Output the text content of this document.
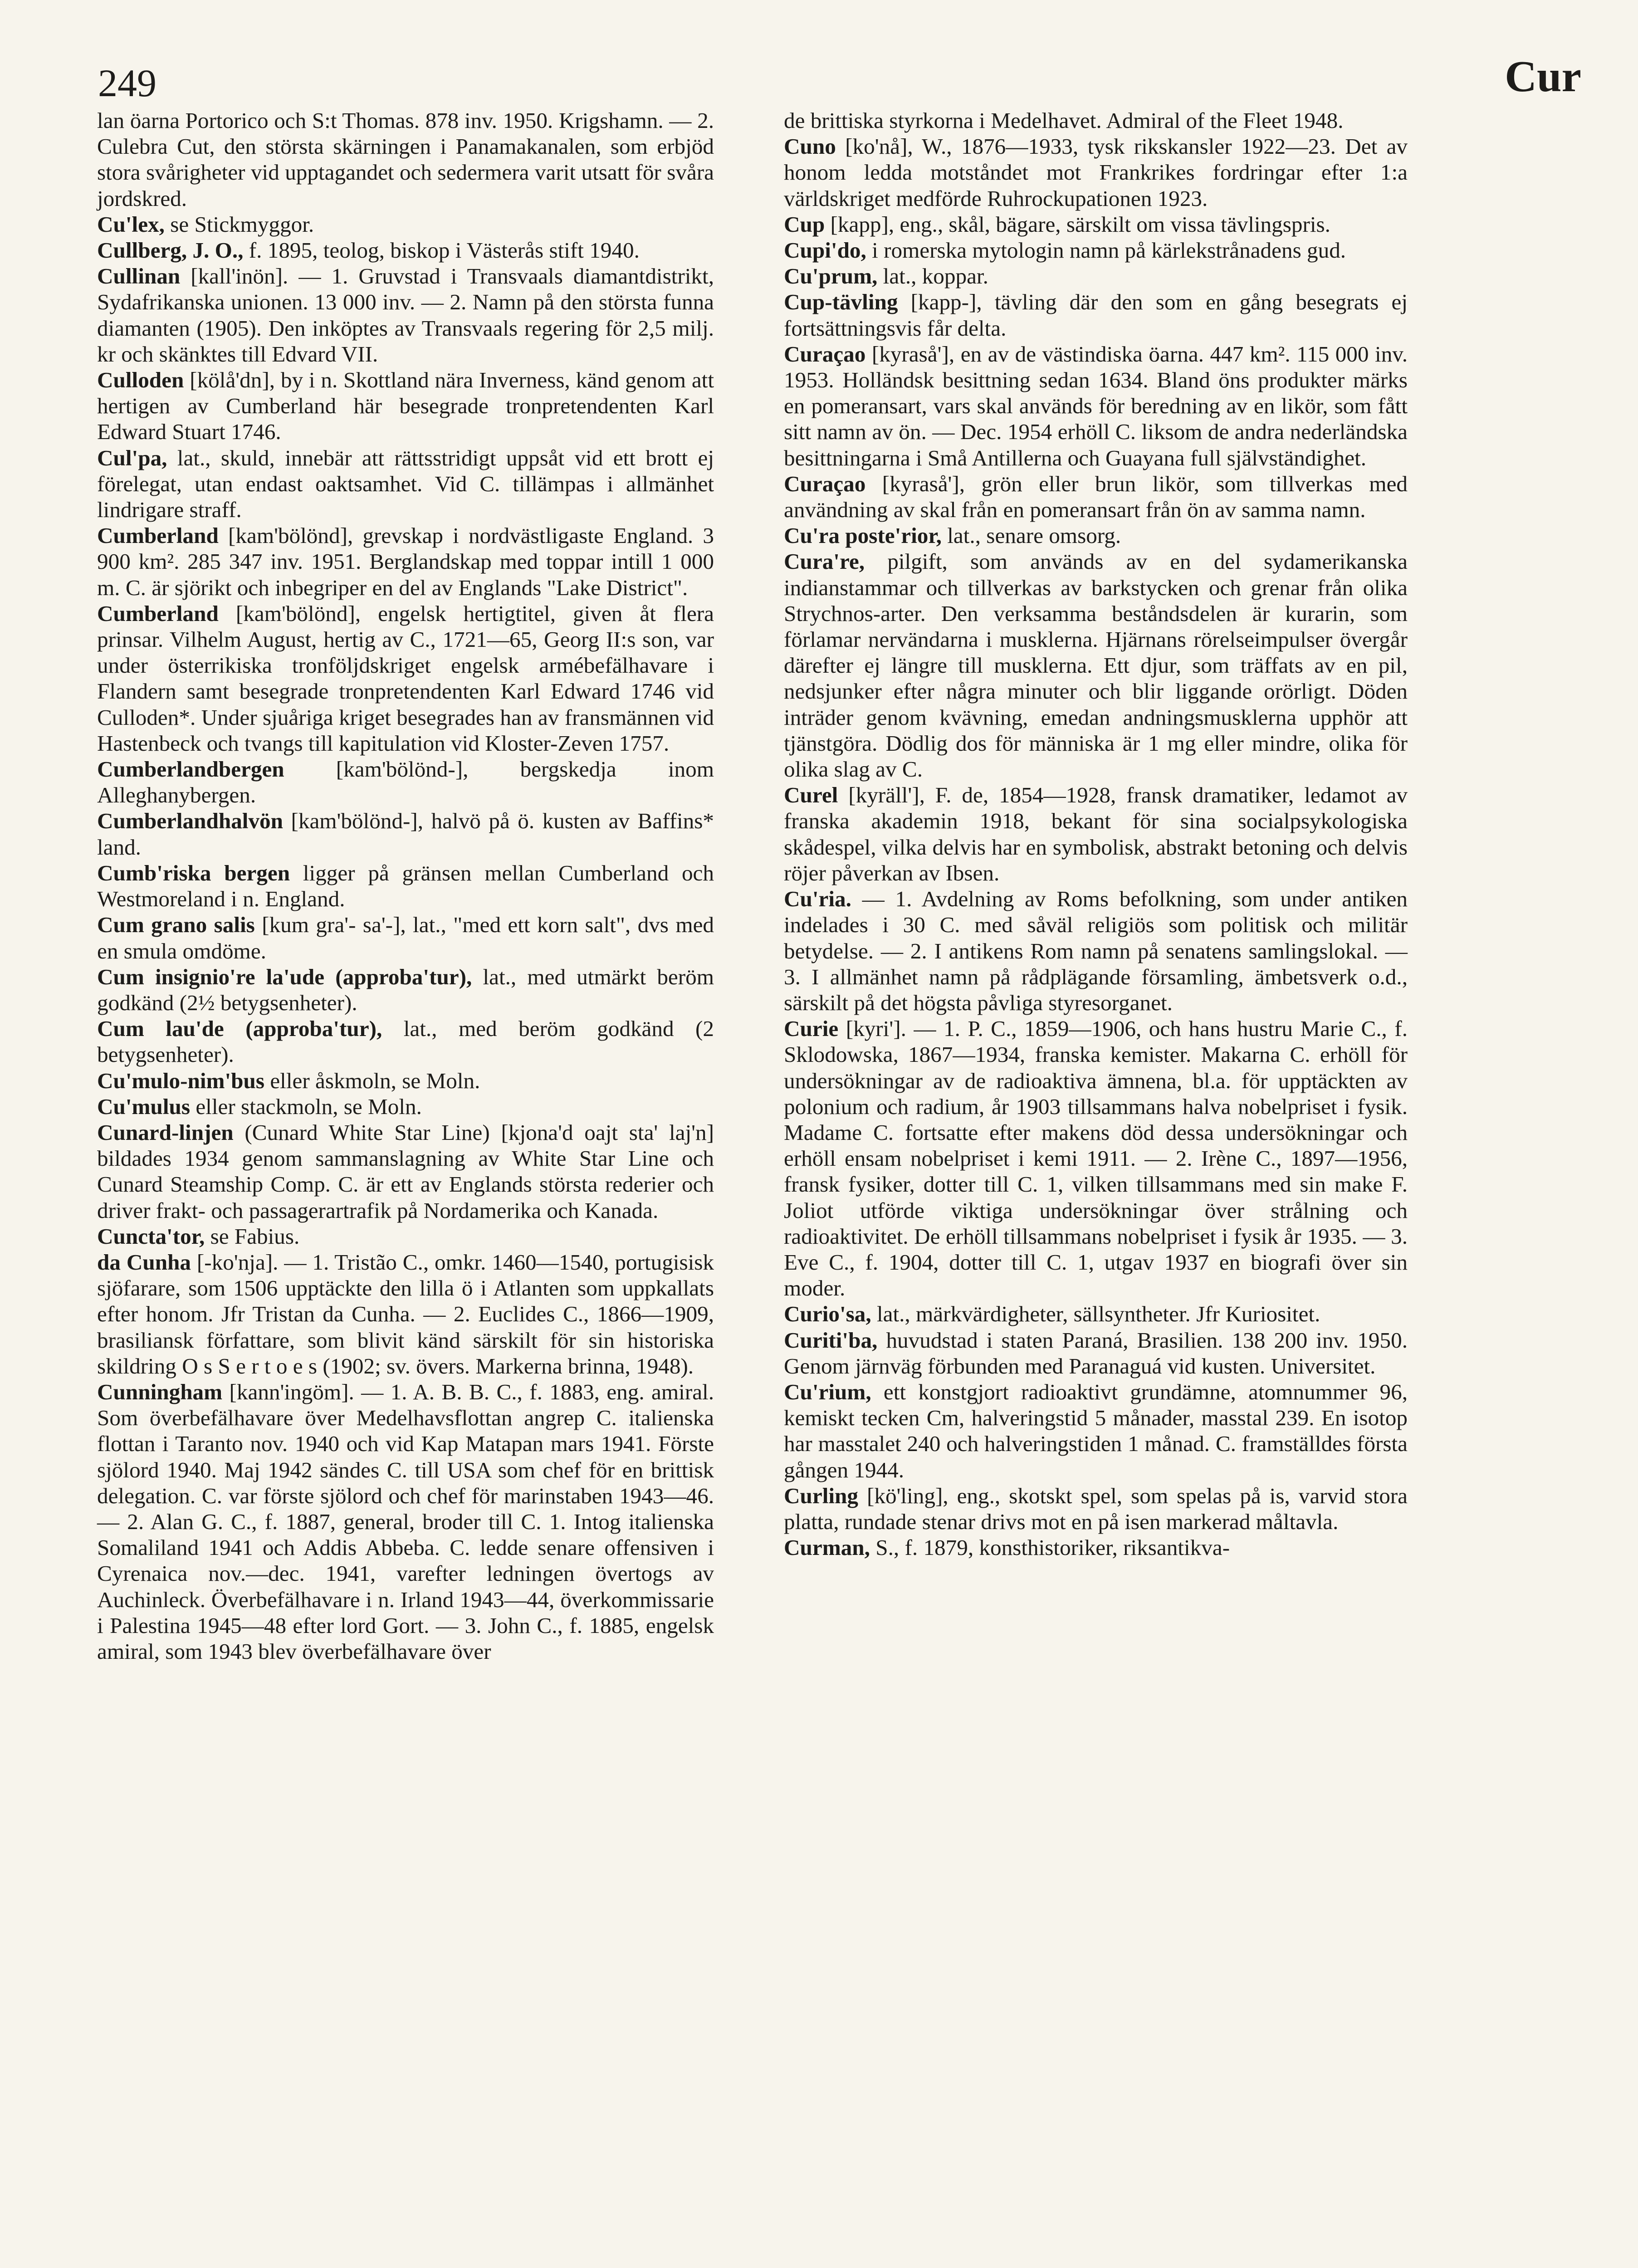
249	Cur

lan öarna Portorico och S:t Thomas. 878 inv. 1950. Krigshamn. — 2. Culebra Cut, den största skärningen i Panamakanalen, som erbjöd stora svårigheter vid upptagandet och sedermera varit utsatt för svåra jordskred.

Cu'lex, se Stickmyggor.

Cullberg, J. O., f. 1895, teolog, biskop i Västerås stift 1940.

Cullinan [kall'inön]. — 1. Gruvstad i Transvaals diamantdistrikt, Sydafrikanska unionen. 13 000 inv. — 2. Namn på den största funna diamanten (1905). Den inköptes av Transvaals regering för 2,5 milj. kr och skänktes till Edvard VII.

Culloden [kölå'dn], by i n. Skottland nära Inverness, känd genom att hertigen av Cumberland här besegrade tronpretendenten Karl Edward Stuart 1746.

Cul'pa, lat., skuld, innebär att rättsstridigt uppsåt vid ett brott ej förelegat, utan endast oaktsamhet. Vid C. tillämpas i allmänhet lindrigare straff.

Cumberland [kam'bölönd], grevskap i nordvästligaste England. 3 900 km². 285 347 inv. 1951. Berglandskap med toppar intill 1 000 m. C. är sjörikt och inbegriper en del av Englands "Lake District".

Cumberland [kam'bölönd], engelsk hertigtitel, given åt flera prinsar. Vilhelm August, hertig av C., 1721—65, Georg II:s son, var under österrikiska tronföljdskriget engelsk armébefälhavare i Flandern samt besegrade tronpretendenten Karl Edward 1746 vid Culloden*. Under sjuåriga kriget besegrades han av fransmännen vid Hastenbeck och tvangs till kapitulation vid Kloster-Zeven 1757.

Cumberlandbergen [kam'bölönd-], bergskedja inom Alleghanybergen.

Cumberlandhalvön [kam'bölönd-], halvö på ö. kusten av Baffins* land.

Cumb'riska bergen ligger på gränsen mellan Cumberland och Westmoreland i n. England.

Cum grano salis [kum gra'- sa'-], lat., "med ett korn salt", dvs med en smula omdöme.

Cum insignio're la'ude (approba'tur), lat., med utmärkt beröm godkänd (2½ betygsenheter).

Cum lau'de (approba'tur), lat., med beröm godkänd (2 betygsenheter).

Cu'mulo-nim'bus eller åskmoln, se Moln.

Cu'mulus eller stackmoln, se Moln.

Cunard-linjen (Cunard White Star Line) [kjona'd oajt sta' laj'n] bildades 1934 genom sammanslagning av White Star Line och Cunard Steamship Comp. C. är ett av Englands största rederier och driver frakt- och passagerartrafik på Nordamerika och Kanada.

Cuncta'tor, se Fabius.

da Cunha [-ko'nja]. — 1. Tristão C., omkr. 1460—1540, portugisisk sjöfarare, som 1506 upptäckte den lilla ö i Atlanten som uppkallats efter honom. Jfr Tristan da Cunha. — 2. Euclides C., 1866—1909, brasiliansk författare, som blivit känd särskilt för sin historiska skildring O s S e r t o e s (1902; sv. övers. Markerna brinna, 1948).

Cunningham [kann'ingöm]. — 1. A. B. B. C., f. 1883, eng. amiral. Som överbefälhavare över Medelhavsflottan angrep C. italienska flottan i Taranto nov. 1940 och vid Kap Matapan mars 1941. Förste sjölord 1940. Maj 1942 sändes C. till USA som chef för en brittisk delegation. C. var förste sjölord och chef för marinstaben 1943—46. — 2. Alan G. C., f. 1887, general, broder till C. 1. Intog italienska Somaliland 1941 och Addis Abbeba. C. ledde senare offensiven i Cyrenaica nov.—dec. 1941, varefter ledningen övertogs av Auchinleck. Överbefälhavare i n. Irland 1943—44, överkommissarie i Palestina 1945—48 efter lord Gort. — 3. John C., f. 1885, engelsk amiral, som 1943 blev överbefälhavare över

de brittiska styrkorna i Medelhavet. Admiral of the Fleet 1948.

Cuno [ko'nå], W., 1876—1933, tysk rikskansler 1922—23. Det av honom ledda motståndet mot Frankrikes fordringar efter 1:a världskriget medförde Ruhrockupationen 1923.

Cup [kapp], eng., skål, bägare, särskilt om vissa tävlingspris.

Cupi'do, i romerska mytologin namn på kärlekstrånadens gud.

Cu'prum, lat., koppar.

Cup-tävling [kapp-], tävling där den som en gång besegrats ej fortsättningsvis får delta.

Curaçao [kyraså'], en av de västindiska öarna. 447 km². 115 000 inv. 1953. Holländsk besittning sedan 1634. Bland öns produkter märks en pomeransart, vars skal används för beredning av en likör, som fått sitt namn av ön. — Dec. 1954 erhöll C. liksom de andra nederländska besittningarna i Små Antillerna och Guayana full självständighet.

Curaçao [kyraså'], grön eller brun likör, som tillverkas med användning av skal från en pomeransart från ön av samma namn.

Cu'ra poste'rior, lat., senare omsorg.

Cura're, pilgift, som används av en del sydamerikanska indianstammar och tillverkas av barkstycken och grenar från olika Strychnos-arter. Den verksamma beståndsdelen är kurarin, som förlamar nervändarna i musklerna. Hjärnans rörelseimpulser övergår därefter ej längre till musklerna. Ett djur, som träffats av en pil, nedsjunker efter några minuter och blir liggande orörligt. Döden inträder genom kvävning, emedan andningsmusklerna upphör att tjänstgöra. Dödlig dos för människa är 1 mg eller mindre, olika för olika slag av C.

Curel [kyräll'], F. de, 1854—1928, fransk dramatiker, ledamot av franska akademin 1918, bekant för sina socialpsykologiska skådespel, vilka delvis har en symbolisk, abstrakt betoning och delvis röjer påverkan av Ibsen.

Cu'ria. — 1. Avdelning av Roms befolkning, som under antiken indelades i 30 C. med såväl religiös som politisk och militär betydelse. — 2. I antikens Rom namn på senatens samlingslokal. — 3. I allmänhet namn på rådplägande församling, ämbetsverk o.d., särskilt på det högsta påvliga styresorganet.

Curie [kyri']. — 1. P. C., 1859—1906, och hans hustru Marie C., f. Sklodowska, 1867—1934, franska kemister. Makarna C. erhöll för undersökningar av de radioaktiva ämnena, bl.a. för upptäckten av polonium och radium, år 1903 tillsammans halva nobelpriset i fysik. Madame C. fortsatte efter makens död dessa undersökningar och erhöll ensam nobelpriset i kemi 1911. — 2. Irène C., 1897—1956, fransk fysiker, dotter till C. 1, vilken tillsammans med sin make F. Joliot utförde viktiga undersökningar över strålning och radioaktivitet. De erhöll tillsammans nobelpriset i fysik år 1935. — 3. Eve C., f. 1904, dotter till C. 1, utgav 1937 en biografi över sin moder.

Curio'sa, lat., märkvärdigheter, sällsyntheter. Jfr Kuriositet.

Curiti'ba, huvudstad i staten Paraná, Brasilien. 138 200 inv. 1950. Genom järnväg förbunden med Paranaguá vid kusten. Universitet.

Cu'rium, ett konstgjort radioaktivt grundämne, atomnummer 96, kemiskt tecken Cm, halveringstid 5 månader, masstal 239. En isotop har masstalet 240 och halveringstiden 1 månad. C. framställdes första gången 1944.

Curling [kö'ling], eng., skotskt spel, som spelas på is, varvid stora platta, rundade stenar drivs mot en på isen markerad måltavla.

Curman, S., f. 1879, konsthistoriker, riksantikva-
